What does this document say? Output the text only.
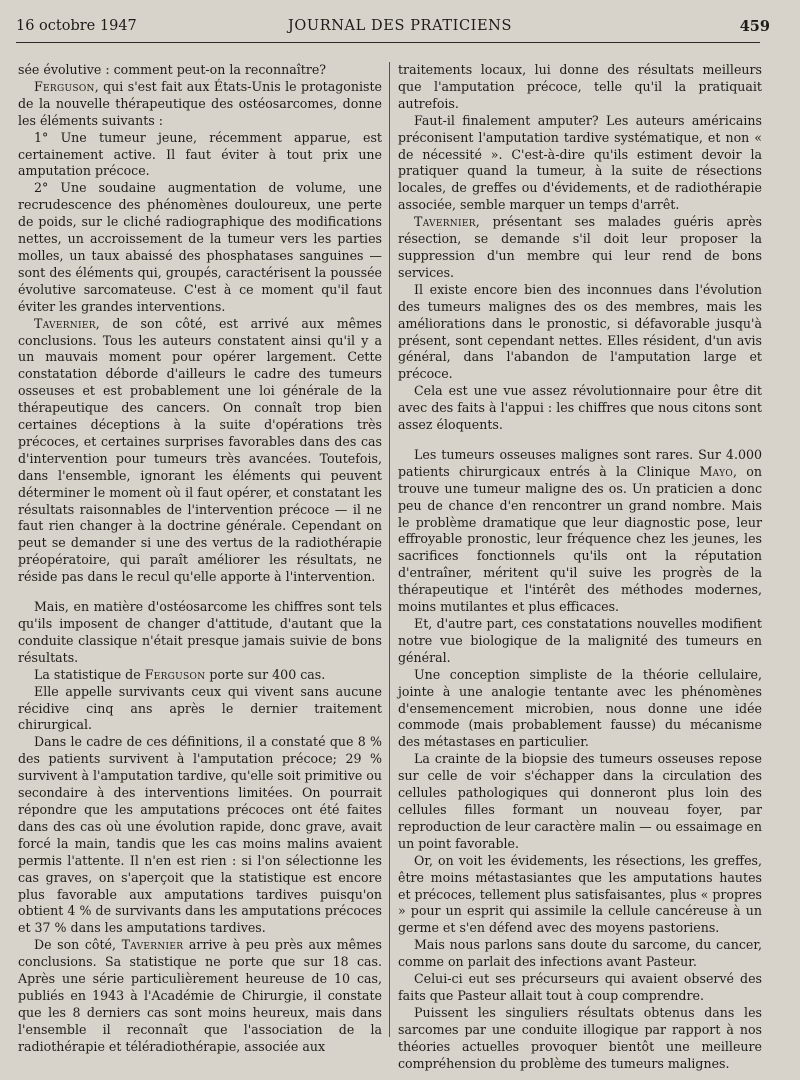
16 octobre 1947	JOURNAL DES PRATICIENS	459

sée évolutive : comment peut-on la reconnaître?

Ferguson, qui s'est fait aux États-Unis le protagoniste de la nouvelle thérapeutique des ostéosarcomes, donne les éléments suivants :

1° Une tumeur jeune, récemment apparue, est certainement active. Il faut éviter à tout prix une amputation précoce.

2° Une soudaine augmentation de volume, une recrudescence des phénomènes douloureux, une perte de poids, sur le cliché radiographique des modifications nettes, un accroissement de la tumeur vers les parties molles, un taux abaissé des phosphatases sanguines — sont des éléments qui, groupés, caractérisent la poussée évolutive sarcomateuse. C'est à ce moment qu'il faut éviter les grandes interventions.

Tavernier, de son côté, est arrivé aux mêmes conclusions. Tous les auteurs constatent ainsi qu'il y a un mauvais moment pour opérer largement. Cette constatation déborde d'ailleurs le cadre des tumeurs osseuses et est probablement une loi générale de la thérapeutique des cancers. On connaît trop bien certaines déceptions à la suite d'opérations très précoces, et certaines surprises favorables dans des cas d'intervention pour tumeurs très avancées. Toutefois, dans l'ensemble, ignorant les éléments qui peuvent déterminer le moment où il faut opérer, et constatant les résultats raisonnables de l'intervention précoce — il ne faut rien changer à la doctrine générale. Cependant on peut se demander si une des vertus de la radiothérapie préopératoire, qui paraît améliorer les résultats, ne réside pas dans le recul qu'elle apporte à l'intervention.

Mais, en matière d'ostéosarcome les chiffres sont tels qu'ils imposent de changer d'attitude, d'autant que la conduite classique n'était presque jamais suivie de bons résultats.

La statistique de Ferguson porte sur 400 cas.

Elle appelle survivants ceux qui vivent sans aucune récidive cinq ans après le dernier traitement chirurgical.

Dans le cadre de ces définitions, il a constaté que 8 % des patients survivent à l'amputation précoce; 29 % survivent à l'amputation tardive, qu'elle soit primitive ou secondaire à des interventions limitées. On pourrait répondre que les amputations précoces ont été faites dans des cas où une évolution rapide, donc grave, avait forcé la main, tandis que les cas moins malins avaient permis l'attente. Il n'en est rien : si l'on sélectionne les cas graves, on s'aperçoit que la statistique est encore plus favorable aux amputations tardives puisqu'on obtient 4 % de survivants dans les amputations précoces et 37 % dans les amputations tardives.

De son côté, Tavernier arrive à peu près aux mêmes conclusions. Sa statistique ne porte que sur 18 cas. Après une série particulièrement heureuse de 10 cas, publiés en 1943 à l'Académie de Chirurgie, il constate que les 8 derniers cas sont moins heureux, mais dans l'ensemble il reconnaît que l'association de la radiothérapie et téléradiothérapie, associée aux

traitements locaux, lui donne des résultats meilleurs que l'amputation précoce, telle qu'il la pratiquait autrefois.

Faut-il finalement amputer? Les auteurs américains préconisent l'amputation tardive systématique, et non « de nécessité ». C'est-à-dire qu'ils estiment devoir la pratiquer quand la tumeur, à la suite de résections locales, de greffes ou d'évidements, et de radiothérapie associée, semble marquer un temps d'arrêt.

Tavernier, présentant ses malades guéris après résection, se demande s'il doit leur proposer la suppression d'un membre qui leur rend de bons services.

Il existe encore bien des inconnues dans l'évolution des tumeurs malignes des os des membres, mais les améliorations dans le pronostic, si défavorable jusqu'à présent, sont cependant nettes. Elles résident, d'un avis général, dans l'abandon de l'amputation large et précoce.

Cela est une vue assez révolutionnaire pour être dit avec des faits à l'appui : les chiffres que nous citons sont assez éloquents.

Les tumeurs osseuses malignes sont rares. Sur 4.000 patients chirurgicaux entrés à la Clinique Mayo, on trouve une tumeur maligne des os. Un praticien a donc peu de chance d'en rencontrer un grand nombre. Mais le problème dramatique que leur diagnostic pose, leur effroyable pronostic, leur fréquence chez les jeunes, les sacrifices fonctionnels qu'ils ont la réputation d'entraîner, méritent qu'il suive les progrès de la thérapeutique et l'intérêt des méthodes modernes, moins mutilantes et plus efficaces.

Et, d'autre part, ces constatations nouvelles modifient notre vue biologique de la malignité des tumeurs en général.

Une conception simpliste de la théorie cellulaire, jointe à une analogie tentante avec les phénomènes d'ensemencement microbien, nous donne une idée commode (mais probablement fausse) du mécanisme des métastases en particulier.

La crainte de la biopsie des tumeurs osseuses repose sur celle de voir s'échapper dans la circulation des cellules pathologiques qui donneront plus loin des cellules filles formant un nouveau foyer, par reproduction de leur caractère malin — ou essaimage en un point favorable.

Or, on voit les évidements, les résections, les greffes, être moins métastasiantes que les amputations hautes et précoces, tellement plus satisfaisantes, plus « propres » pour un esprit qui assimile la cellule cancéreuse à un germe et s'en défend avec des moyens pastoriens.

Mais nous parlons sans doute du sarcome, du cancer, comme on parlait des infections avant Pasteur.

Celui-ci eut ses précurseurs qui avaient observé des faits que Pasteur allait tout à coup comprendre.

Puissent les singuliers résultats obtenus dans les sarcomes par une conduite illogique par rapport à nos théories actuelles provoquer bientôt une meilleure compréhension du problème des tumeurs malignes.
